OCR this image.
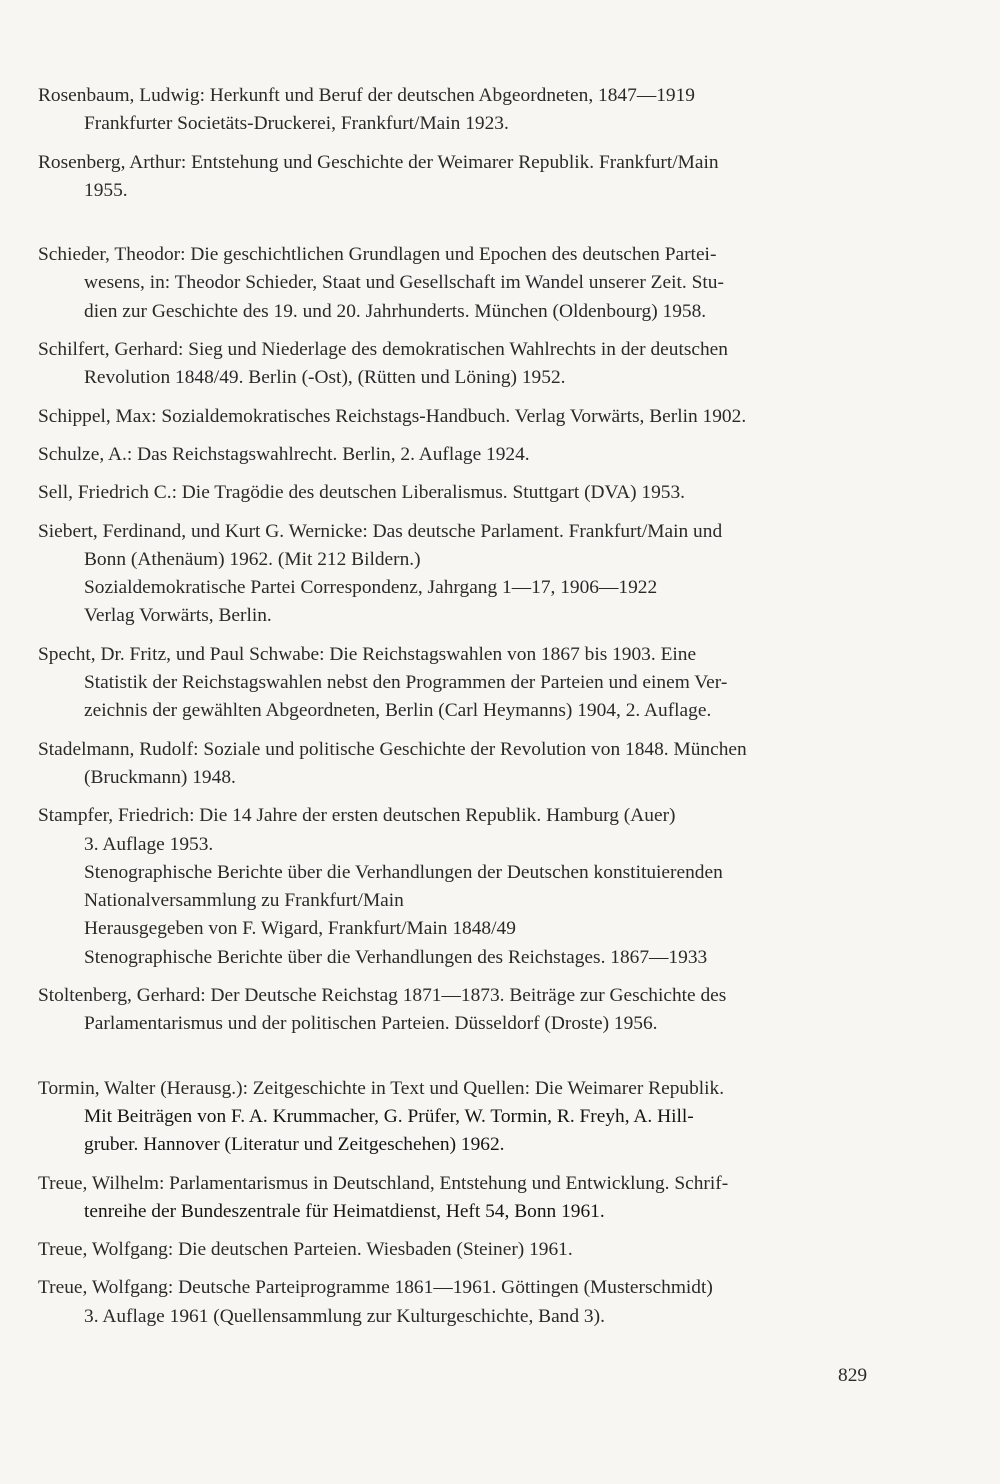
Rosenbaum, Ludwig: Herkunft und Beruf der deutschen Abgeordneten, 1847—1919
Frankfurter Societäts-Druckerei, Frankfurt/Main 1923.

Rosenberg, Arthur: Entstehung und Geschichte der Weimarer Republik. Frankfurt/Main
1955.

Schieder, Theodor: Die geschichtlichen Grundlagen und Epochen des deutschen Partei-
wesens, in: Theodor Schieder, Staat und Gesellschaft im Wandel unserer Zeit. Stu-
dien zur Geschichte des 19. und 20. Jahrhunderts. München (Oldenbourg) 1958.

Schilfert, Gerhard: Sieg und Niederlage des demokratischen Wahlrechts in der deutschen
Revolution 1848/49. Berlin (-Ost), (Rütten und Löning) 1952.

Schippel, Max: Sozialdemokratisches Reichstags-Handbuch. Verlag Vorwärts, Berlin 1902.

Schulze, A.: Das Reichstagswahlrecht. Berlin, 2. Auflage 1924.

Sell, Friedrich C.: Die Tragödie des deutschen Liberalismus. Stuttgart (DVA) 1953.

Siebert, Ferdinand, und Kurt G. Wernicke: Das deutsche Parlament. Frankfurt/Main und
Bonn (Athenäum) 1962. (Mit 212 Bildern.)
Sozialdemokratische Partei Correspondenz, Jahrgang 1—17, 1906—1922
Verlag Vorwärts, Berlin.

Specht, Dr. Fritz, und Paul Schwabe: Die Reichstagswahlen von 1867 bis 1903. Eine
Statistik der Reichstagswahlen nebst den Programmen der Parteien und einem Ver-
zeichnis der gewählten Abgeordneten, Berlin (Carl Heymanns) 1904, 2. Auflage.

Stadelmann, Rudolf: Soziale und politische Geschichte der Revolution von 1848. München
(Bruckmann) 1948.

Stampfer, Friedrich: Die 14 Jahre der ersten deutschen Republik. Hamburg (Auer)
3. Auflage 1953.
Stenographische Berichte über die Verhandlungen der Deutschen konstituierenden
Nationalversammlung zu Frankfurt/Main
Herausgegeben von F. Wigard, Frankfurt/Main 1848/49
Stenographische Berichte über die Verhandlungen des Reichstages. 1867—1933

Stoltenberg, Gerhard: Der Deutsche Reichstag 1871—1873. Beiträge zur Geschichte des
Parlamentarismus und der politischen Parteien. Düsseldorf (Droste) 1956.

Tormin, Walter (Herausg.): Zeitgeschichte in Text und Quellen: Die Weimarer Republik.
Mit Beiträgen von F. A. Krummacher, G. Prüfer, W. Tormin, R. Freyh, A. Hill-
gruber. Hannover (Literatur und Zeitgeschehen) 1962.

Treue, Wilhelm: Parlamentarismus in Deutschland, Entstehung und Entwicklung. Schrif-
tenreihe der Bundeszentrale für Heimatdienst, Heft 54, Bonn 1961.

Treue, Wolfgang: Die deutschen Parteien. Wiesbaden (Steiner) 1961.

Treue, Wolfgang: Deutsche Parteiprogramme 1861—1961. Göttingen (Musterschmidt)
3. Auflage 1961 (Quellensammlung zur Kulturgeschichte, Band 3).

829
